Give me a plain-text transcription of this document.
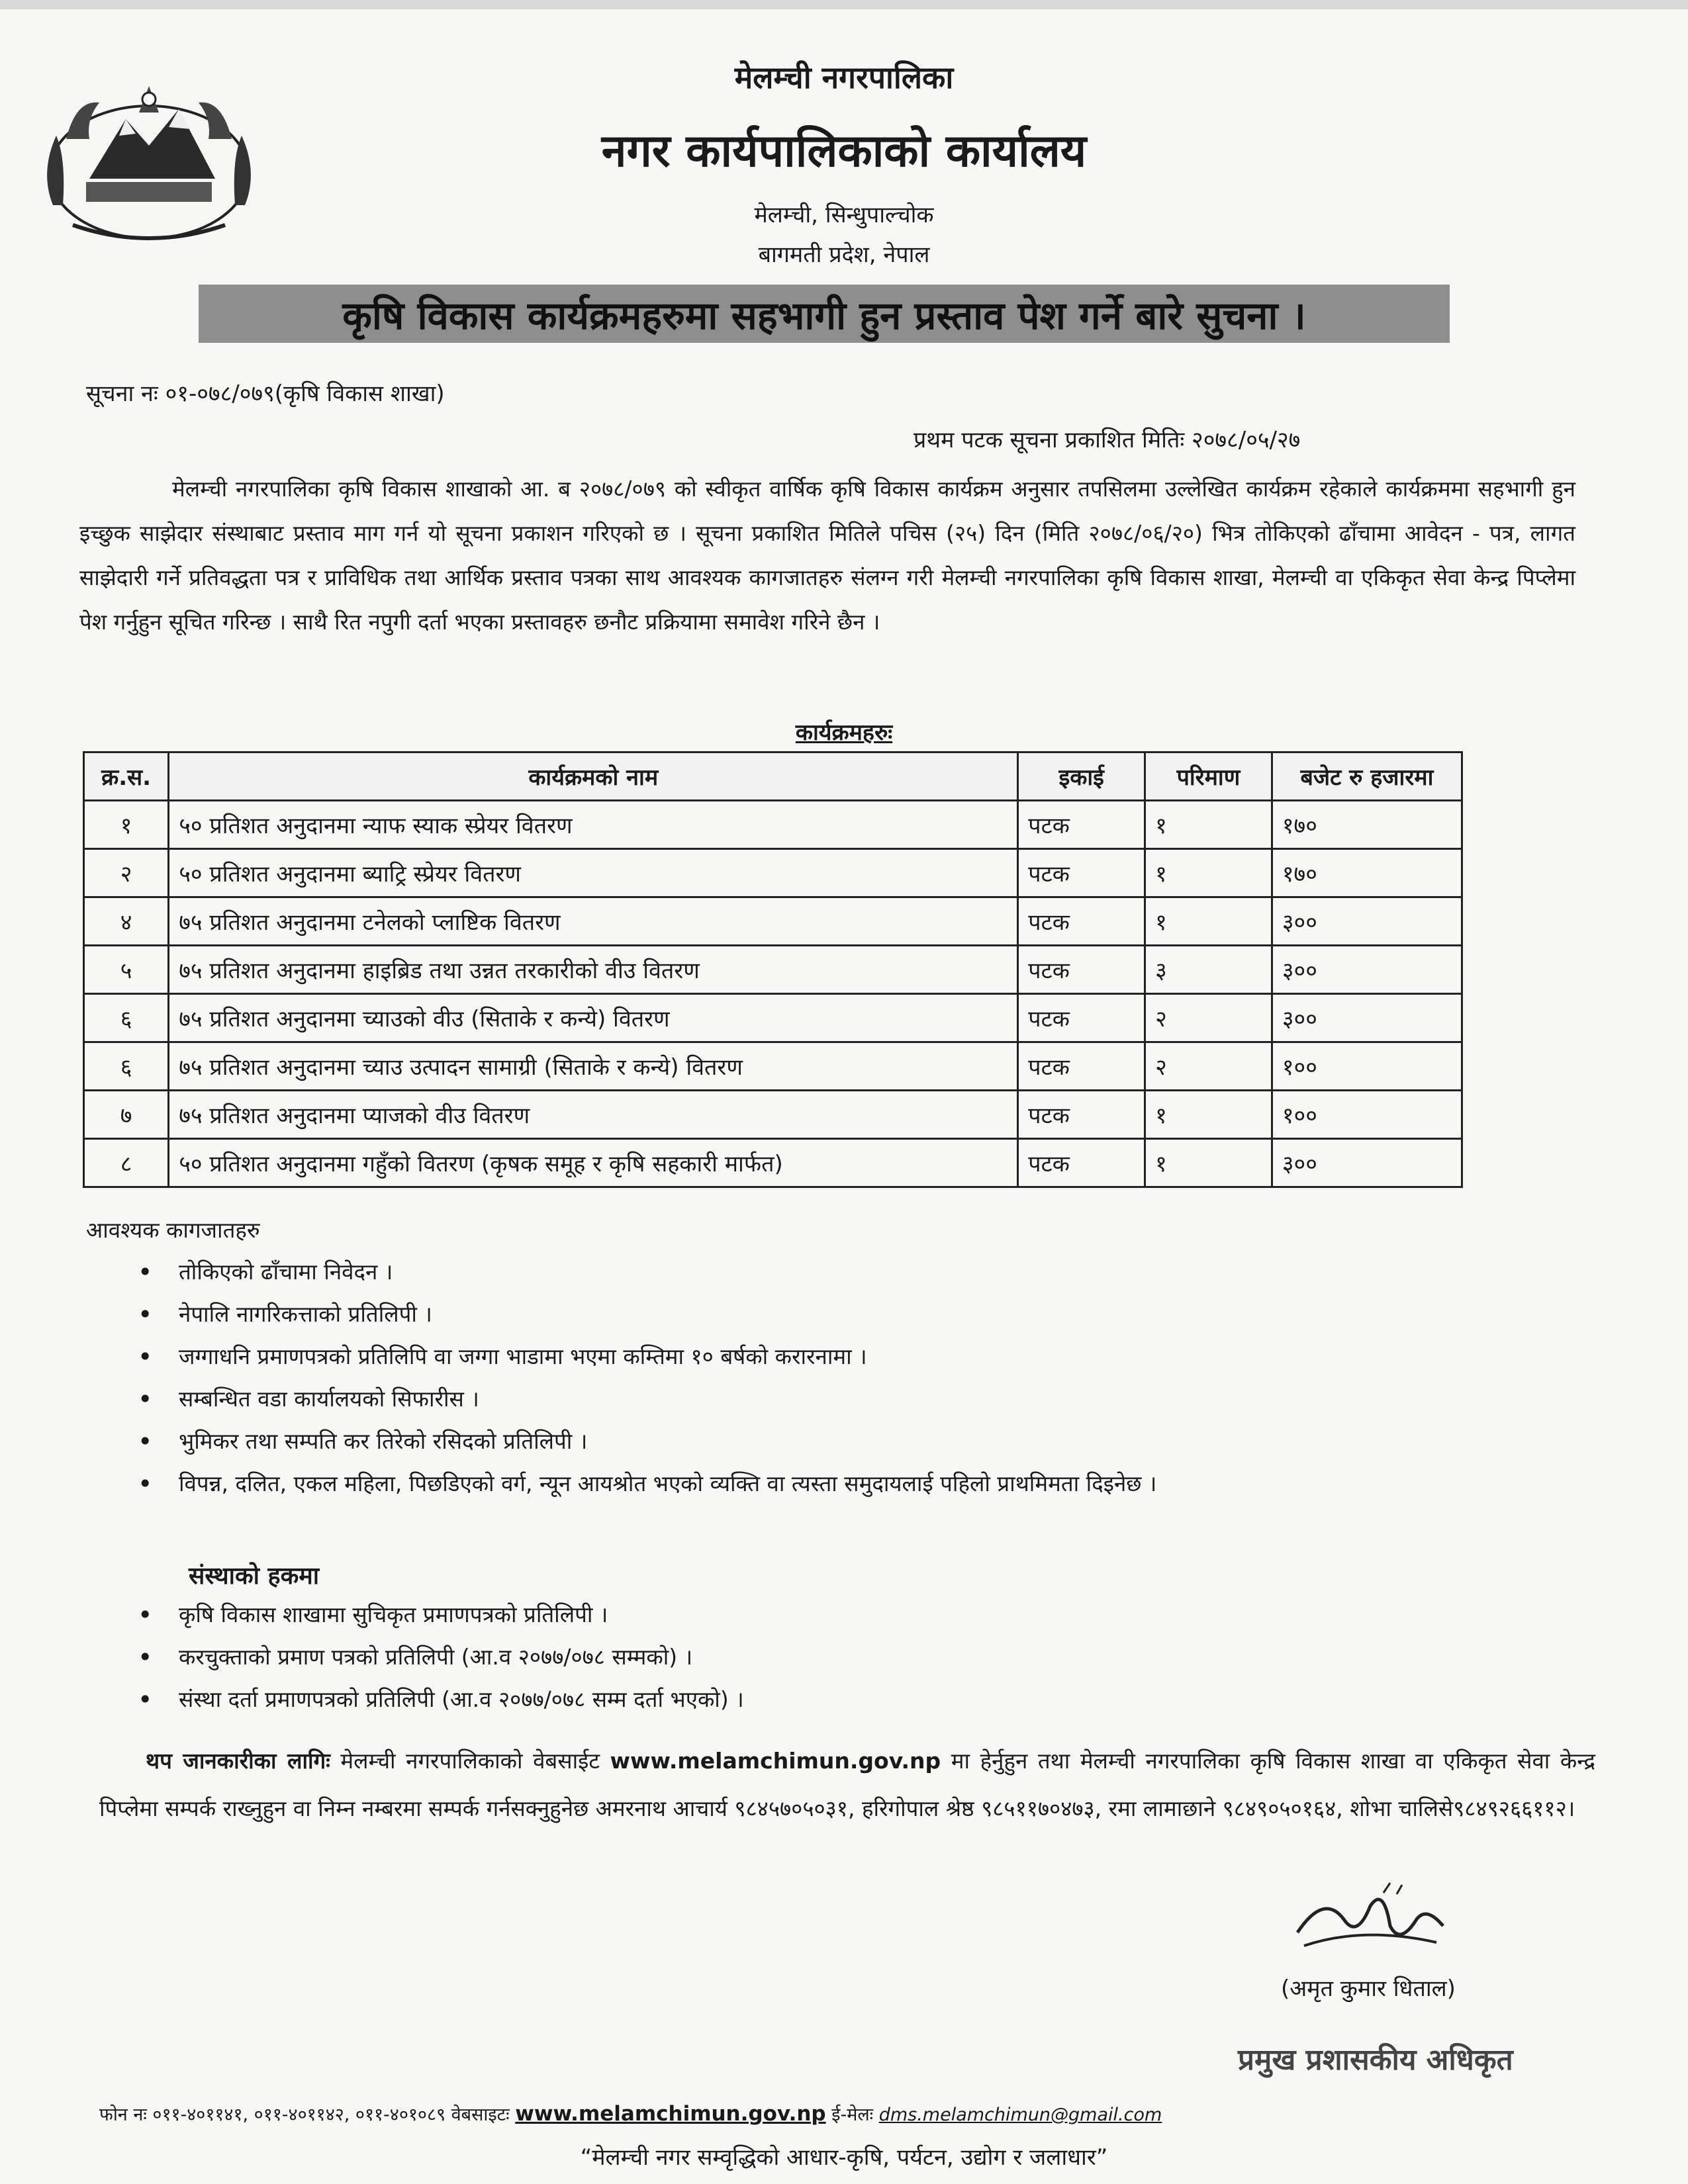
मेलम्ची नगरपालिका
नगर कार्यपालिकाको कार्यालय
मेलम्ची, सिन्धुपाल्चोक
बागमती प्रदेश, नेपाल
कृषि विकास कार्यक्रमहरुमा सहभागी हुन प्रस्ताव पेश गर्ने बारे सुचना ।
सूचना नः ०१-०७८/०७९(कृषि विकास शाखा)
प्रथम पटक सूचना प्रकाशित मितिः २०७८/०५/२७
मेलम्ची नगरपालिका कृषि विकास शाखाको आ. ब २०७८/०७९ को स्वीकृत वार्षिक कृषि विकास कार्यक्रम अनुसार तपसिलमा उल्लेखित कार्यक्रम रहेकाले कार्यक्रममा सहभागी हुन इच्छुक साझेदार संस्थाबाट प्रस्ताव माग गर्न यो सूचना प्रकाशन गरिएको छ । सूचना प्रकाशित मितिले पचिस (२५) दिन (मिति २०७८/०६/२०) भित्र तोकिएको ढाँचामा आवेदन - पत्र, लागत साझेदारी गर्ने प्रतिवद्धता पत्र र प्राविधिक तथा आर्थिक प्रस्ताव पत्रका साथ आवश्यक कागजातहरु संलग्न गरी मेलम्ची नगरपालिका कृषि विकास शाखा, मेलम्ची वा एकिकृत सेवा केन्द्र पिप्लेमा पेश गर्नुहुन सूचित गरिन्छ । साथै रित नपुगी दर्ता भएका प्रस्तावहरु छनौट प्रक्रियामा समावेश गरिने छैन ।
कार्यक्रमहरुः
क्र.स.	कार्यक्रमको नाम	इकाई	परिमाण	बजेट रु हजारमा
१	५० प्रतिशत अनुदानमा न्याफ स्याक स्प्रेयर वितरण	पटक	१	१७०
२	५० प्रतिशत अनुदानमा ब्याट्रि स्प्रेयर वितरण	पटक	१	१७०
४	७५ प्रतिशत अनुदानमा टनेलको प्लाष्टिक वितरण	पटक	१	३००
५	७५ प्रतिशत अनुदानमा हाइब्रिड तथा उन्नत तरकारीको वीउ वितरण	पटक	३	३००
६	७५ प्रतिशत अनुदानमा च्याउको वीउ (सिताके र कन्ये) वितरण	पटक	२	३००
६	७५ प्रतिशत अनुदानमा च्याउ उत्पादन सामाग्री (सिताके र कन्ये) वितरण	पटक	२	१००
७	७५ प्रतिशत अनुदानमा प्याजको वीउ वितरण	पटक	१	१००
८	५० प्रतिशत अनुदानमा गहुँको वितरण (कृषक समूह र कृषि सहकारी मार्फत)	पटक	१	३००
आवश्यक कागजातहरु
• तोकिएको ढाँचामा निवेदन ।
• नेपालि नागरिकत्ताको प्रतिलिपी ।
• जग्गाधनि प्रमाणपत्रको प्रतिलिपि वा जग्गा भाडामा भएमा कम्तिमा १० बर्षको करारनामा ।
• सम्बन्धित वडा कार्यालयको सिफारीस ।
• भुमिकर तथा सम्पति कर तिरेको रसिदको प्रतिलिपी ।
• विपन्न, दलित, एकल महिला, पिछडिएको वर्ग, न्यून आयश्रोत भएको व्यक्ति वा त्यस्ता समुदायलाई पहिलो प्राथमिमता दिइनेछ ।
संस्थाको हकमा
• कृषि विकास शाखामा सुचिकृत प्रमाणपत्रको प्रतिलिपी ।
• करचुक्ताको प्रमाण पत्रको प्रतिलिपी (आ.व २०७७/०७८ सम्मको) ।
• संस्था दर्ता प्रमाणपत्रको प्रतिलिपी (आ.व २०७७/०७८ सम्म दर्ता भएको) ।
थप जानकारीका लागिः मेलम्ची नगरपालिकाको वेबसाईट www.melamchimun.gov.np मा हेर्नुहुन तथा मेलम्ची नगरपालिका कृषि विकास शाखा वा एकिकृत सेवा केन्द्र पिप्लेमा सम्पर्क राख्नुहुन वा निम्न नम्बरमा सम्पर्क गर्नसक्नुहुनेछ अमरनाथ आचार्य ९८४५७०५०३१, हरिगोपाल श्रेष्ठ ९८५११७०४७३, रमा लामाछाने ९८४९०५०१६४, शोभा चालिसे९८४९२६६११२।
(अमृत कुमार धिताल)
प्रमुख प्रशासकीय अधिकृत
फोन नः ०११-४०११४१, ०११-४०११४२, ०११-४०१०८९ वेबसाइटः www.melamchimun.gov.np ई-मेलः dms.melamchimun@gmail.com
“मेलम्ची नगर सम्वृद्धिको आधार-कृषि, पर्यटन, उद्योग र जलाधार”
